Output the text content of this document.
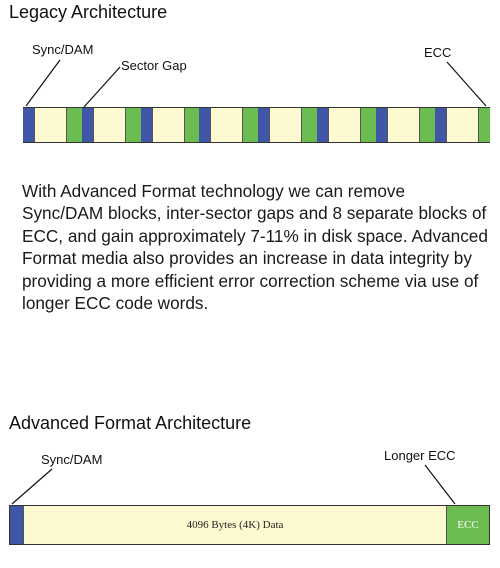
Legacy Architecture
Sync/DAM
Sector Gap
ECC

With Advanced Format technology we can remove Sync/DAM blocks, inter-sector gaps and 8 separate blocks of ECC, and gain approximately 7-11% in disk space. Advanced Format media also provides an increase in data integrity by providing a more efficient error correction scheme via use of longer ECC code words.

Advanced Format Architecture
Sync/DAM	Longer ECC
4096 Bytes (4K) Data	ECC
